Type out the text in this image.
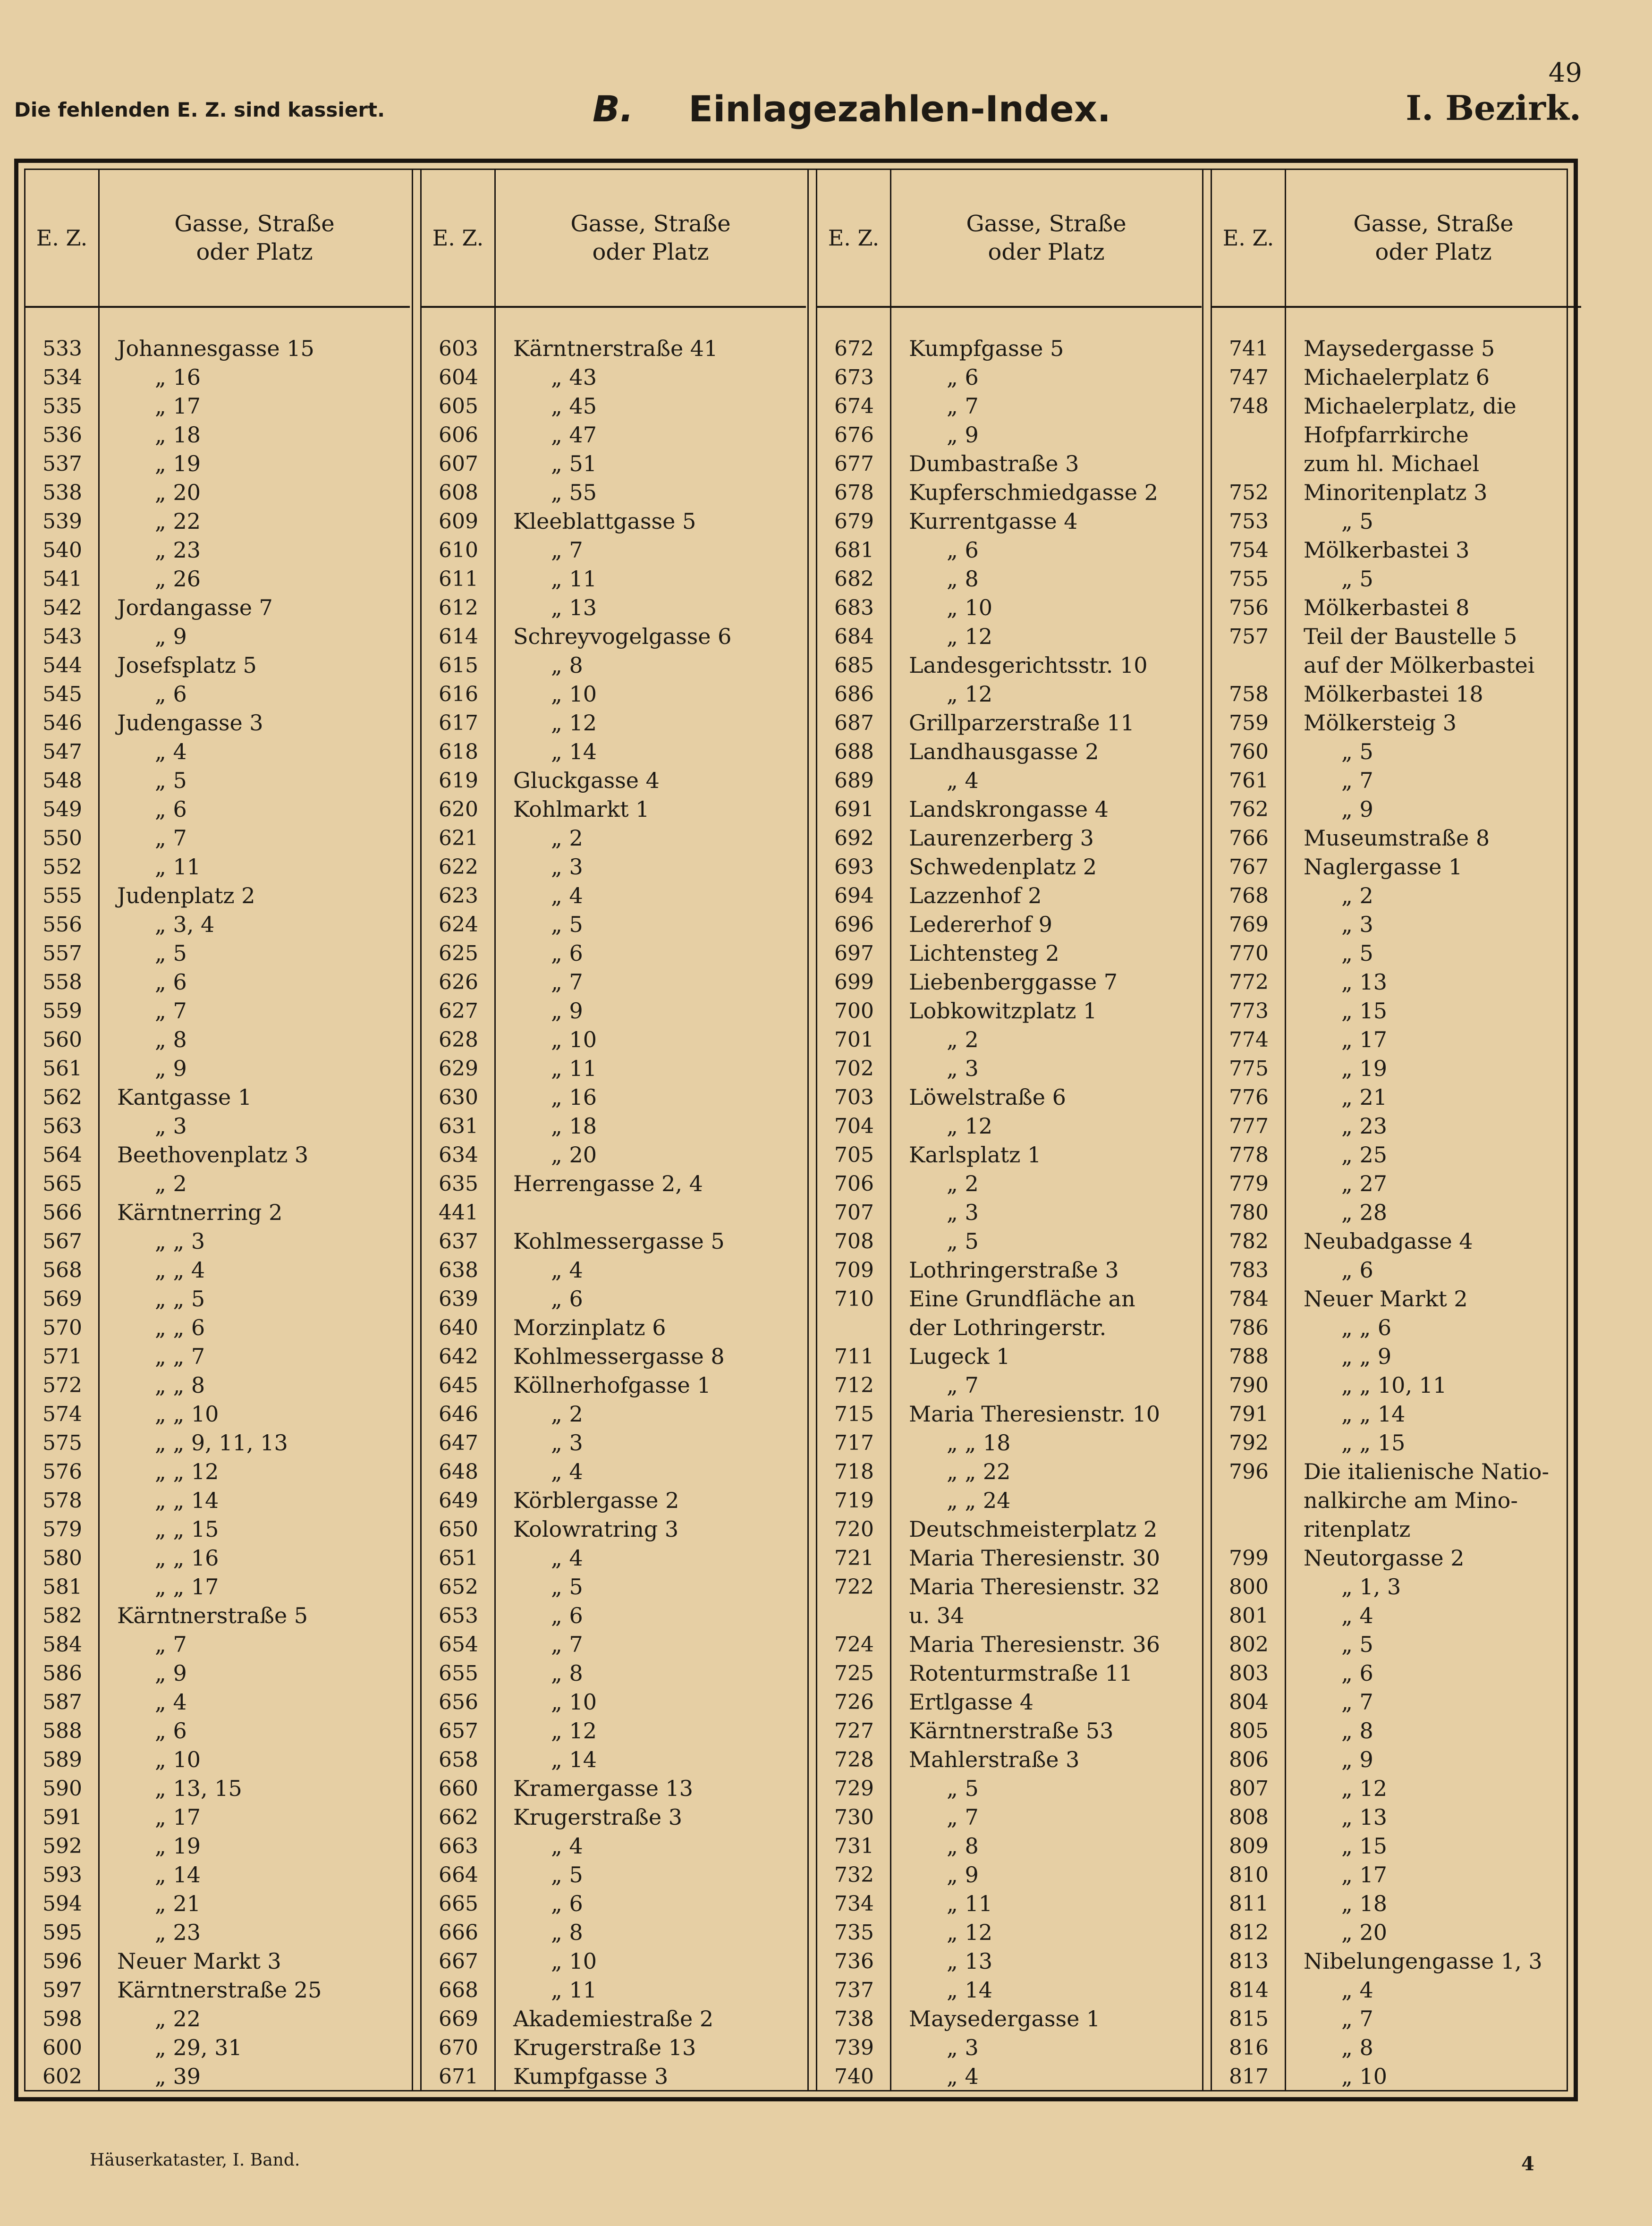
49
Die fehlenden E. Z. sind kassiert.	B. Einlagezahlen-Index.	I. Bezirk.
E. Z.
Gasse, Straße
oder Platz
533	Johannesgasse 15
534	„ 16
535	„ 17
536	„ 18
537	„ 19
538	„ 20
539	„ 22
540	„ 23
541	„ 26
542	Jordangasse 7
543	„ 9
544	Josefsplatz 5
545	„ 6
546	Judengasse 3
547	„ 4
548	„ 5
549	„ 6
550	„ 7
552	„ 11
555	Judenplatz 2
556	„ 3, 4
557	„ 5
558	„ 6
559	„ 7
560	„ 8
561	„ 9
562	Kantgasse 1
563	„ 3
564	Beethovenplatz 3
565	„ 2
566	Kärntnerring 2
567	„ „ 3
568	„ „ 4
569	„ „ 5
570	„ „ 6
571	„ „ 7
572	„ „ 8
574	„ „ 10
575	„ „ 9, 11, 13
576	„ „ 12
578	„ „ 14
579	„ „ 15
580	„ „ 16
581	„ „ 17
582	Kärntnerstraße 5
584	„ 7
586	„ 9
587	„ 4
588	„ 6
589	„ 10
590	„ 13, 15
591	„ 17
592	„ 19
593	„ 14
594	„ 21
595	„ 23
596	Neuer Markt 3
597	Kärntnerstraße 25
598	„ 22
600	„ 29, 31
602	„ 39
E. Z.
Gasse, Straße
oder Platz
603	Kärntnerstraße 41
604	„ 43
605	„ 45
606	„ 47
607	„ 51
608	„ 55
609	Kleeblattgasse 5
610	„ 7
611	„ 11
612	„ 13
614	Schreyvogelgasse 6
615	„ 8
616	„ 10
617	„ 12
618	„ 14
619	Gluckgasse 4
620	Kohlmarkt 1
621	„ 2
622	„ 3
623	„ 4
624	„ 5
625	„ 6
626	„ 7
627	„ 9
628	„ 10
629	„ 11
630	„ 16
631	„ 18
634	„ 20
635	Herrengasse 2, 4
441
637	Kohlmessergasse 5
638	„ 4
639	„ 6
640	Morzinplatz 6
642	Kohlmessergasse 8
645	Köllnerhofgasse 1
646	„ 2
647	„ 3
648	„ 4
649	Körblergasse 2
650	Kolowratring 3
651	„ 4
652	„ 5
653	„ 6
654	„ 7
655	„ 8
656	„ 10
657	„ 12
658	„ 14
660	Kramergasse 13
662	Krugerstraße 3
663	„ 4
664	„ 5
665	„ 6
666	„ 8
667	„ 10
668	„ 11
669	Akademiestraße 2
670	Krugerstraße 13
671	Kumpfgasse 3
E. Z.
Gasse, Straße
oder Platz
672	Kumpfgasse 5
673	„ 6
674	„ 7
676	„ 9
677	Dumbastraße 3
678	Kupferschmiedgasse 2
679	Kurrentgasse 4
681	„ 6
682	„ 8
683	„ 10
684	„ 12
685	Landesgerichtsstr. 10
686	„ 12
687	Grillparzerstraße 11
688	Landhausgasse 2
689	„ 4
691	Landskrongasse 4
692	Laurenzerberg 3
693	Schwedenplatz 2
694	Lazzenhof 2
696	Ledererhof 9
697	Lichtensteg 2
699	Liebenberggasse 7
700	Lobkowitzplatz 1
701	„ 2
702	„ 3
703	Löwelstraße 6
704	„ 12
705	Karlsplatz 1
706	„ 2
707	„ 3
708	„ 5
709	Lothringerstraße 3
710	Eine Grundfläche an
der Lothringerstr.
711	Lugeck 1
712	„ 7
715	Maria Theresienstr. 10
717	„ „ 18
718	„ „ 22
719	„ „ 24
720	Deutschmeisterplatz 2
721	Maria Theresienstr. 30
722	Maria Theresienstr. 32
u. 34
724	Maria Theresienstr. 36
725	Rotenturmstraße 11
726	Ertlgasse 4
727	Kärntnerstraße 53
728	Mahlerstraße 3
729	„ 5
730	„ 7
731	„ 8
732	„ 9
734	„ 11
735	„ 12
736	„ 13
737	„ 14
738	Maysedergasse 1
739	„ 3
740	„ 4
E. Z.
Gasse, Straße
oder Platz
741	Maysedergasse 5
747	Michaelerplatz 6
748	Michaelerplatz, die
Hofpfarrkirche
zum hl. Michael
752	Minoritenplatz 3
753	„ 5
754	Mölkerbastei 3
755	„ 5
756	Mölkerbastei 8
757	Teil der Baustelle 5
auf der Mölkerbastei
758	Mölkerbastei 18
759	Mölkersteig 3
760	„ 5
761	„ 7
762	„ 9
766	Museumstraße 8
767	Naglergasse 1
768	„ 2
769	„ 3
770	„ 5
772	„ 13
773	„ 15
774	„ 17
775	„ 19
776	„ 21
777	„ 23
778	„ 25
779	„ 27
780	„ 28
782	Neubadgasse 4
783	„ 6
784	Neuer Markt 2
786	„ „ 6
788	„ „ 9
790	„ „ 10, 11
791	„ „ 14
792	„ „ 15
796	Die italienische Natio-
nalkirche am Mino-
ritenplatz
799	Neutorgasse 2
800	„ 1, 3
801	„ 4
802	„ 5
803	„ 6
804	„ 7
805	„ 8
806	„ 9
807	„ 12
808	„ 13
809	„ 15
810	„ 17
811	„ 18
812	„ 20
813	Nibelungengasse 1, 3
814	„ 4
815	„ 7
816	„ 8
817	„ 10
Häuserkataster, I. Band.	4
